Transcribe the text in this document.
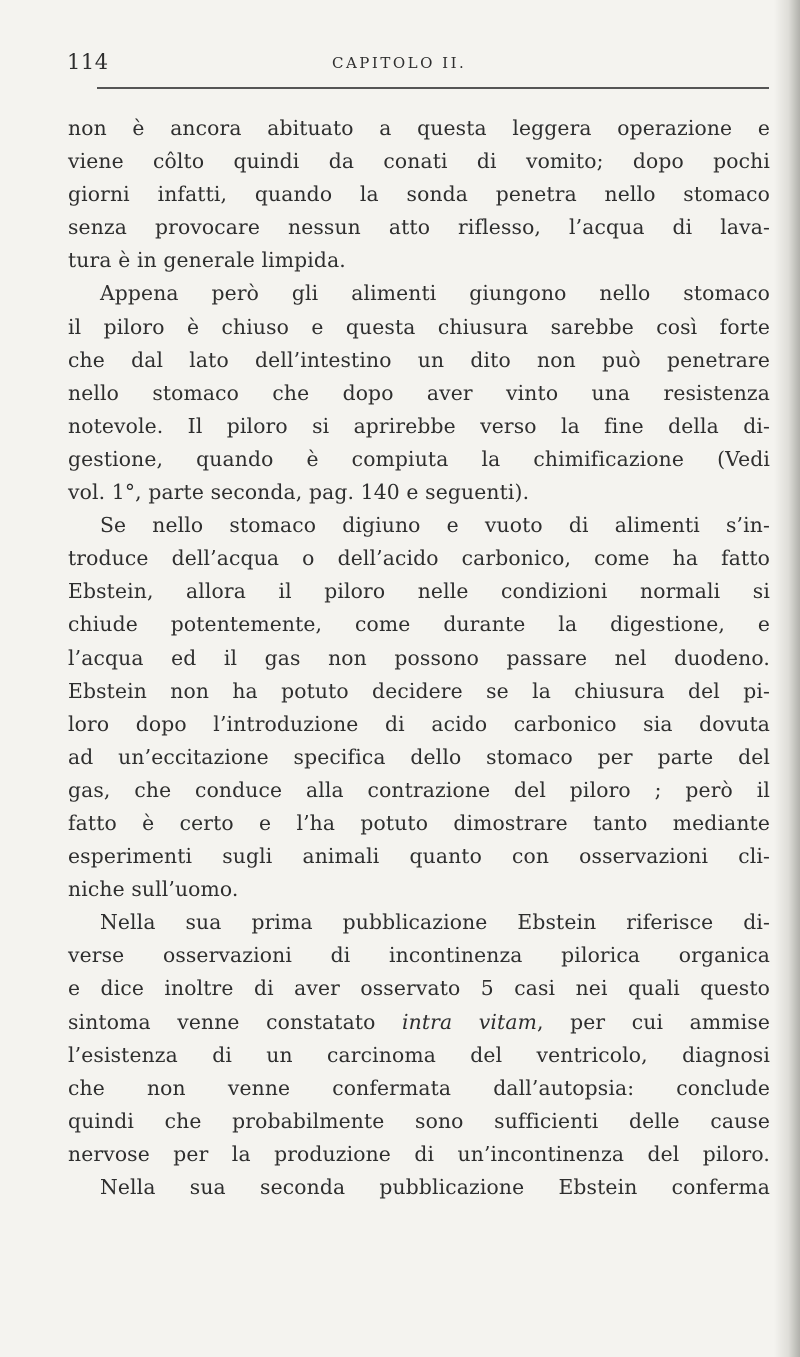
114	CAPITOLO II.
non è ancora abituato a questa leggera operazione e
viene côlto quindi da conati di vomito; dopo pochi
giorni infatti, quando la sonda penetra nello stomaco
senza provocare nessun atto riflesso, l’acqua di lava-
tura è in generale limpida.
Appena però gli alimenti giungono nello stomaco
il piloro è chiuso e questa chiusura sarebbe così forte
che dal lato dell’intestino un dito non può penetrare
nello stomaco che dopo aver vinto una resistenza
notevole. Il piloro si aprirebbe verso la fine della di-
gestione, quando è compiuta la chimificazione (Vedi
vol. 1°, parte seconda, pag. 140 e seguenti).
Se nello stomaco digiuno e vuoto di alimenti s’in-
troduce dell’acqua o dell’acido carbonico, come ha fatto
Ebstein, allora il piloro nelle condizioni normali si
chiude potentemente, come durante la digestione, e
l’acqua ed il gas non possono passare nel duodeno.
Ebstein non ha potuto decidere se la chiusura del pi-
loro dopo l’introduzione di acido carbonico sia dovuta
ad un’eccitazione specifica dello stomaco per parte del
gas, che conduce alla contrazione del piloro ; però il
fatto è certo e l’ha potuto dimostrare tanto mediante
esperimenti sugli animali quanto con osservazioni cli-
niche sull’uomo.
Nella sua prima pubblicazione Ebstein riferisce di-
verse osservazioni di incontinenza pilorica organica
e dice inoltre di aver osservato 5 casi nei quali questo
sintoma venne constatato intra vitam, per cui ammise
l’esistenza di un carcinoma del ventricolo, diagnosi
che non venne confermata dall’autopsia: conclude
quindi che probabilmente sono sufficienti delle cause
nervose per la produzione di un’incontinenza del piloro.
Nella sua seconda pubblicazione Ebstein conferma
